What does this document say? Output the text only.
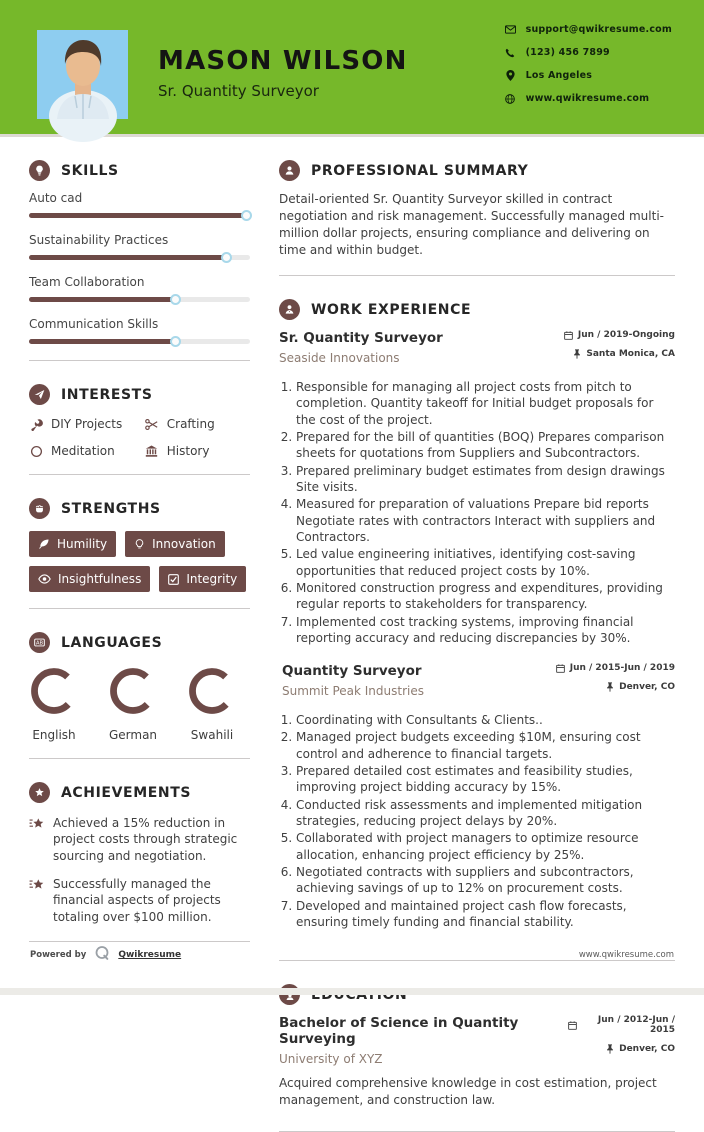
MASON WILSON
Sr. Quantity Surveyor
support@qwikresume.com
(123) 456 7899
Los Angeles
www.qwikresume.com
SKILLS
Auto cad
Sustainability Practices
Team Collaboration
Communication Skills
INTERESTS
DIY Projects	Crafting
Meditation	History
STRENGTHS
Humility	Innovation
Insightfulness	Integrity
AB LANGUAGES
English	German	Swahili
ACHIEVEMENTS
Achieved a 15% reduction in project costs through strategic sourcing and negotiation.
Successfully managed the financial aspects of projects totaling over $100 million.
PROFESSIONAL SUMMARY

Detail-oriented Sr. Quantity Surveyor skilled in contract negotiation and risk management. Successfully managed multi-million dollar projects, ensuring compliance and delivering on time and within budget.

WORK EXPERIENCE
Sr. Quantity Surveyor
Seaside Innovations
Jun / 2019-Ongoing
Santa Monica, CA
1. Responsible for managing all project costs from pitch to completion. Quantity takeoff for Initial budget proposals for the cost of the project.
2. Prepared for the bill of quantities (BOQ) Prepares comparison sheets for quotations from Suppliers and Subcontractors.
3. Prepared preliminary budget estimates from design drawings Site visits.
4. Measured for preparation of valuations Prepare bid reports Negotiate rates with contractors Interact with suppliers and Contractors.
5. Led value engineering initiatives, identifying cost-saving opportunities that reduced project costs by 10%.
6. Monitored construction progress and expenditures, providing regular reports to stakeholders for transparency.
7. Implemented cost tracking systems, improving financial reporting accuracy and reducing discrepancies by 30%.
Quantity Surveyor
Summit Peak Industries
Jun / 2015-Jun / 2019
Denver, CO
1. Coordinating with Consultants & Clients..
2. Managed project budgets exceeding $10M, ensuring cost control and adherence to financial targets.
3. Prepared detailed cost estimates and feasibility studies, improving project bidding accuracy by 15%.
4. Conducted risk assessments and implemented mitigation strategies, reducing project delays by 20%.
5. Collaborated with project managers to optimize resource allocation, enhancing project efficiency by 25%.
6. Negotiated contracts with suppliers and subcontractors, achieving savings of up to 12% on procurement costs.
7. Developed and maintained project cash flow forecasts, ensuring timely funding and financial stability.
Bachelor of Science in Quantity Surveying
University of XYZ
Jun / 2012-Jun / 2015
Denver, CO
Acquired comprehensive knowledge in cost estimation, project management, and construction law.
Powered by	Qwikresume	www.qwikresume.com
